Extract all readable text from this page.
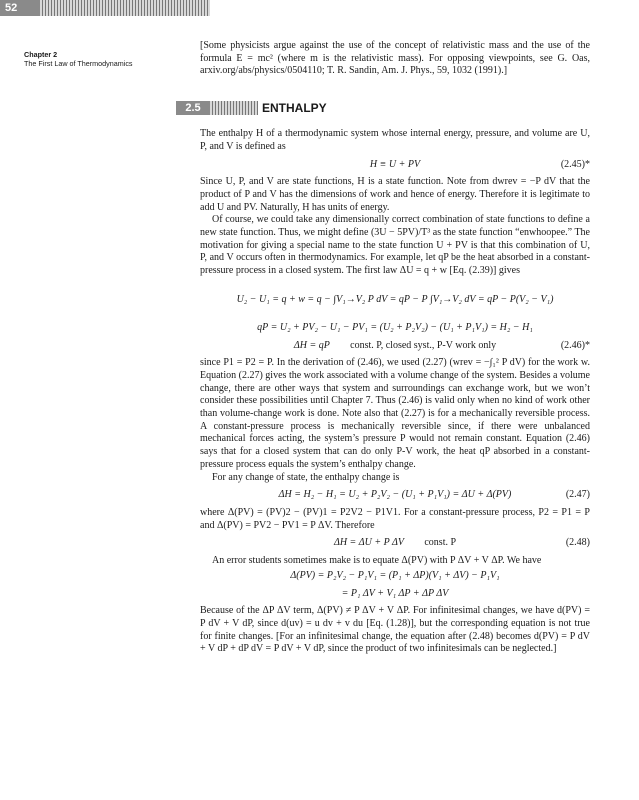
52
Chapter 2
The First Law of Thermodynamics

[Some physicists argue against the use of the concept of relativistic mass and the use of the formula E = mc² (where m is the relativistic mass). For opposing viewpoints, see G. Oas, arxiv.org/abs/physics/0504110; T. R. Sandin, Am. J. Phys., 59, 1032 (1991).]

2.5	ENTHALPY

The enthalpy H of a thermodynamic system whose internal energy, pressure, and volume are U, P, and V is defined as

H ≡ U + PV	(2.45)*

Since U, P, and V are state functions, H is a state function. Note from dwrev = −P dV that the product of P and V has the dimensions of work and hence of energy. Therefore it is legitimate to add U and PV. Naturally, H has units of energy.

Of course, we could take any dimensionally correct combination of state functions to define a new state function. Thus, we might define (3U − 5PV)/T³ as the state function “enwhoopee.” The motivation for giving a special name to the state function U + PV is that this combination of U, P, and V occurs often in thermodynamics. For example, let qP be the heat absorbed in a constant-pressure process in a closed system. The first law ΔU = q + w [Eq. (2.39)] gives

U₂ − U₁ = q + w = q − ∫V₁→V₂ P dV = qP − P ∫V₁→V₂ dV = qP − P(V₂ − V₁)
qP = U₂ + PV₂ − U₁ − PV₁ = (U₂ + P₂V₂) − (U₁ + P₁V₁) = H₂ − H₁
ΔH = qP const. P, closed syst., P-V work only	(2.46)*

since P1 = P2 = P. In the derivation of (2.46), we used (2.27) (wrev = −∫₁² P dV) for the work w. Equation (2.27) gives the work associated with a volume change of the system. Besides a volume change, there are other ways that system and surroundings can exchange work, but we won’t consider these possibilities until Chapter 7. Thus (2.46) is valid only when no kind of work other than volume-change work is done. Note also that (2.27) is for a mechanically reversible process. A constant-pressure process is mechanically reversible since, if there were unbalanced mechanical forces acting, the system’s pressure P would not remain constant. Equation (2.46) says that for a closed system that can do only P-V work, the heat qP absorbed in a constant-pressure process equals the system’s enthalpy change.

For any change of state, the enthalpy change is

ΔH = H₂ − H₁ = U₂ + P₂V₂ − (U₁ + P₁V₁) = ΔU + Δ(PV)	(2.47)

where Δ(PV) = (PV)2 − (PV)1 = P2V2 − P1V1. For a constant-pressure process, P2 = P1 = P and Δ(PV) = PV2 − PV1 = P ΔV. Therefore

ΔH = ΔU + P ΔV const. P	(2.48)

An error students sometimes make is to equate Δ(PV) with P ΔV + V ΔP. We have

Δ(PV) = P₂V₂ − P₁V₁ = (P₁ + ΔP)(V₁ + ΔV) − P₁V₁
= P₁ ΔV + V₁ ΔP + ΔP ΔV

Because of the ΔP ΔV term, Δ(PV) ≠ P ΔV + V ΔP. For infinitesimal changes, we have d(PV) = P dV + V dP, since d(uv) = u dv + v du [Eq. (1.28)], but the corresponding equation is not true for finite changes. [For an infinitesimal change, the equation after (2.48) becomes d(PV) = P dV + V dP + dP dV = P dV + V dP, since the product of two infinitesimals can be neglected.]
